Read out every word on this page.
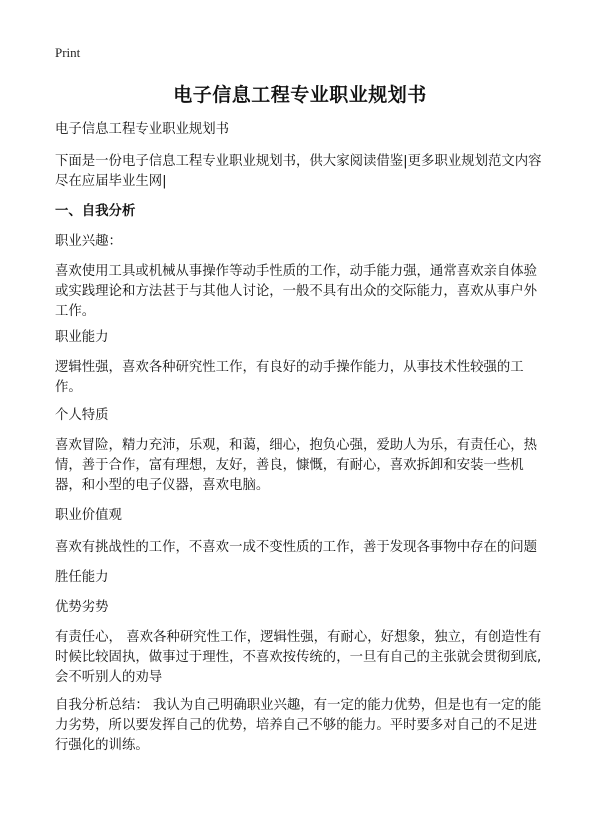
Print
电子信息工程专业职业规划书

电子信息工程专业职业规划书

下面是一份电子信息工程专业职业规划书，供大家阅读借鉴|更多职业规划范文内容尽在应届毕业生网|

一、自我分析

职业兴趣：

喜欢使用工具或机械从事操作等动手性质的工作，动手能力强，通常喜欢亲自体验或实践理论和方法甚于与其他人讨论，一般不具有出众的交际能力，喜欢从事户外工作。

职业能力

逻辑性强，喜欢各种研究性工作，有良好的动手操作能力，从事技术性较强的工作。

个人特质

喜欢冒险，精力充沛，乐观，和蔼，细心，抱负心强，爱助人为乐，有责任心，热情，善于合作，富有理想，友好，善良，慷慨，有耐心，喜欢拆卸和安装一些机器，和小型的电子仪器，喜欢电脑。

职业价值观

喜欢有挑战性的工作，不喜欢一成不变性质的工作，善于发现各事物中存在的问题

胜任能力

优势劣势

有责任心， 喜欢各种研究性工作，逻辑性强，有耐心，好想象，独立，有创造性有时候比较固执，做事过于理性，不喜欢按传统的，一旦有自己的主张就会贯彻到底,会不听别人的劝导

自我分析总结： 我认为自己明确职业兴趣，有一定的能力优势，但是也有一定的能力劣势，所以要发挥自己的优势，培养自己不够的能力。平时要多对自己的不足进行强化的训练。
